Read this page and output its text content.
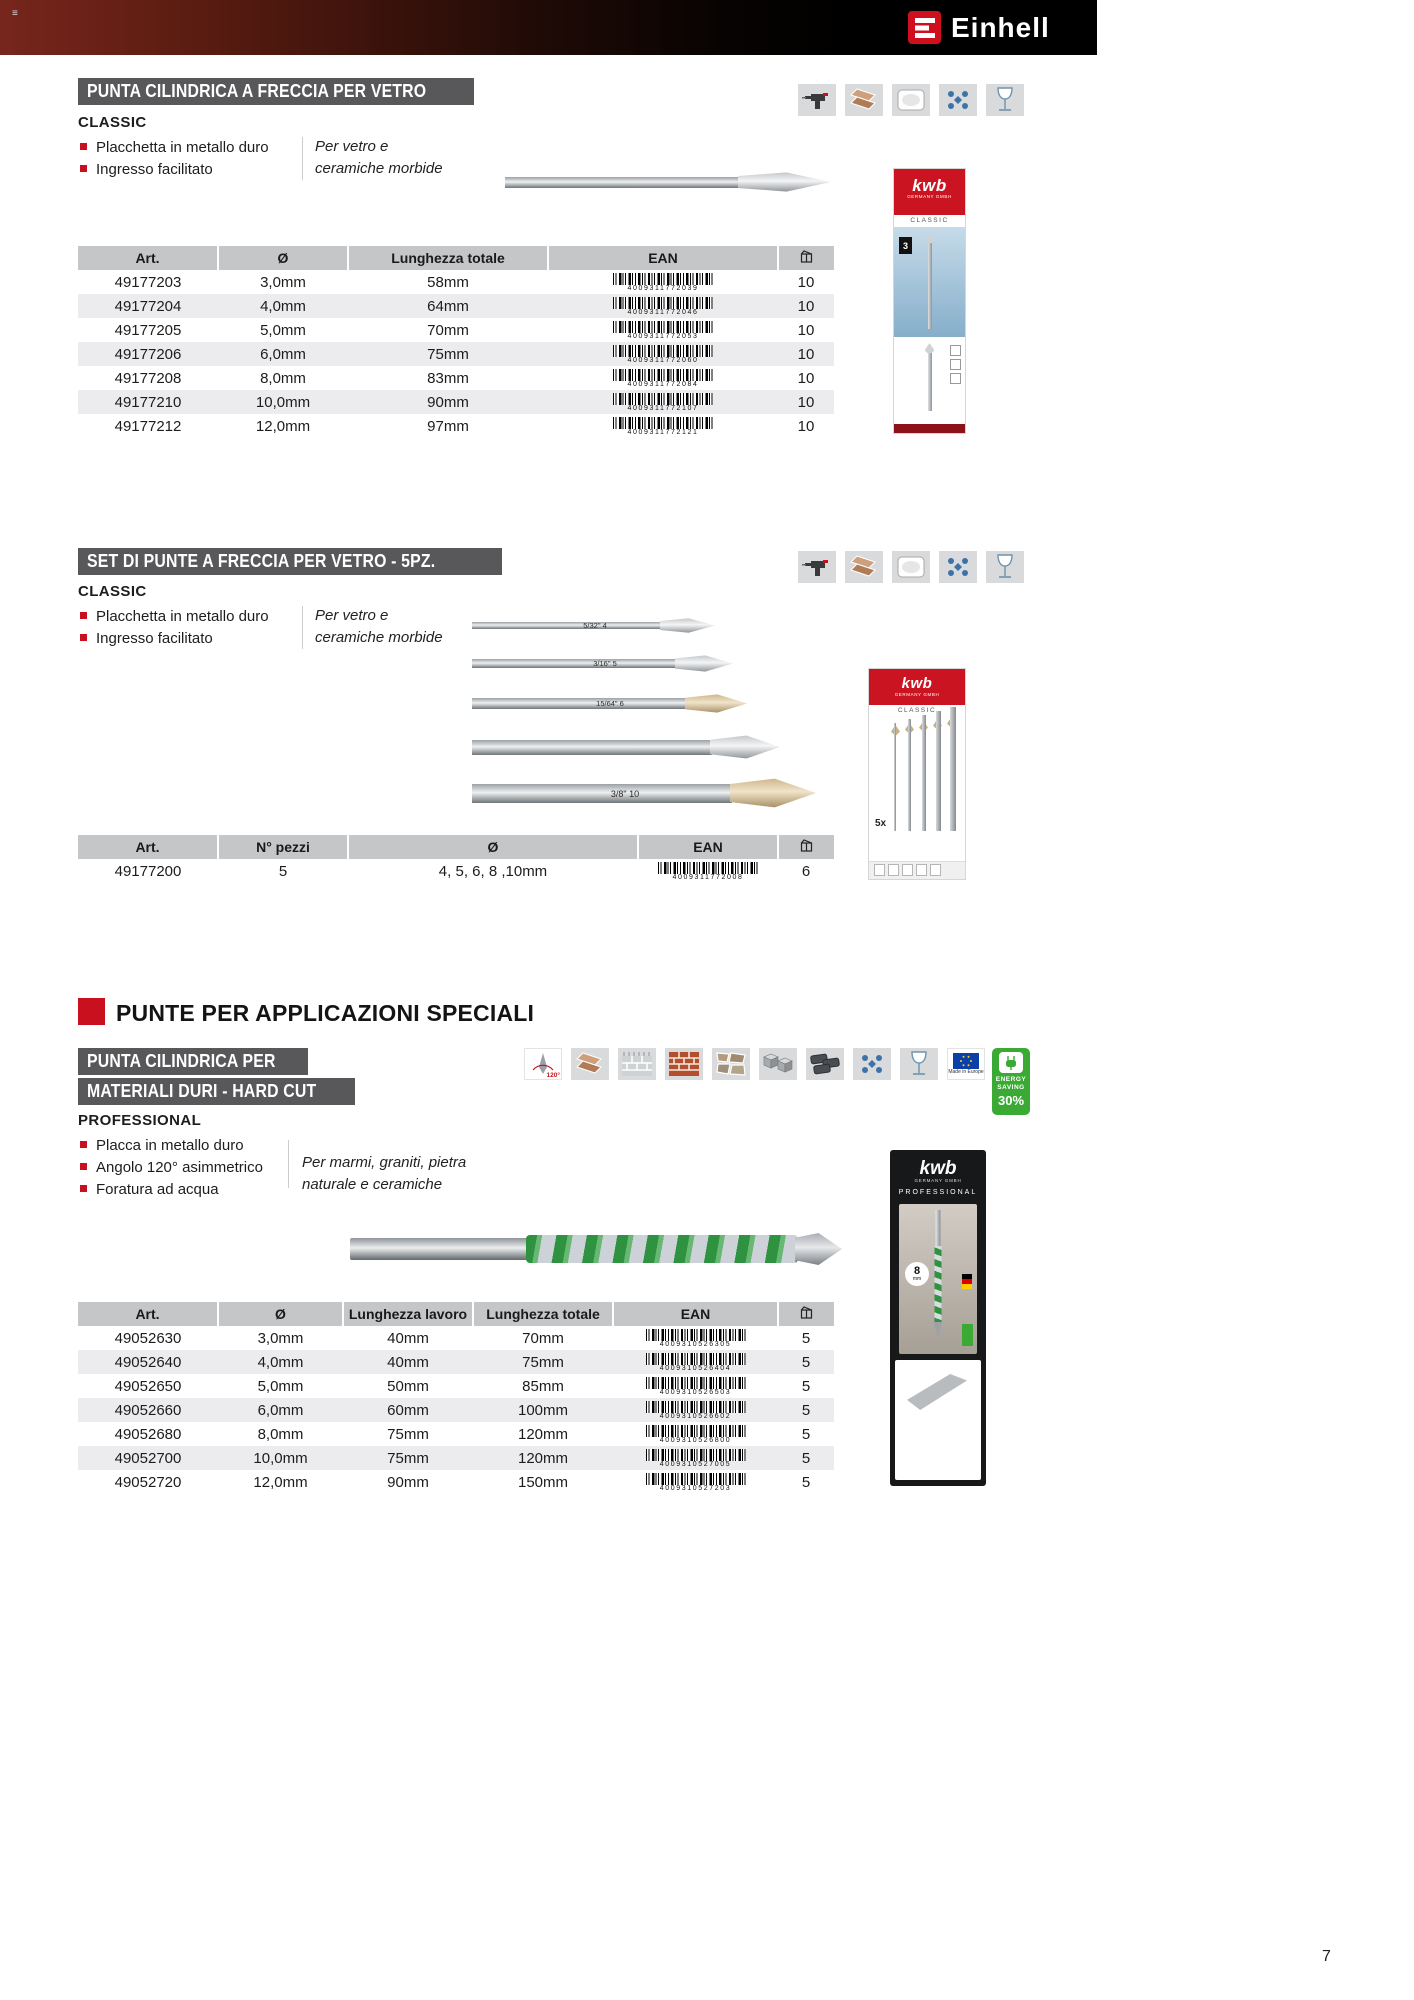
≡	Einhell
PUNTA CILINDRICA A FRECCIA PER VETRO
CLASSIC
Placchetta in metallo duro
Ingresso facilitato
Per vetro e
ceramiche morbide
kwb
GERMANY GMBH
CLASSIC
3
Art.	Ø	Lunghezza totale	EAN	
49177203	3,0mm	58mm	4009311772039	10
49177204	4,0mm	64mm	4009311772046	10
49177205	5,0mm	70mm	4009311772053	10
49177206	6,0mm	75mm	4009311772060	10
49177208	8,0mm	83mm	4009311772084	10
49177210	10,0mm	90mm	4009311772107	10
49177212	12,0mm	97mm	4009311772121	10
SET DI PUNTE A FRECCIA PER VETRO - 5PZ.
CLASSIC
Placchetta in metallo duro
Ingresso facilitato
Per vetro e
ceramiche morbide
5/32" 4
3/16" 5
15/64" 6
3/8" 10
kwb
GERMANY GMBH
CLASSIC
5x
Art.	N° pezzi	Ø	EAN	
49177200	5	4, 5, 6, 8 ,10mm	4009311772008	6
PUNTE PER APPLICAZIONI SPECIALI
PUNTA CILINDRICA PER
MATERIALI DURI - HARD CUT
120°	Made in Europe
ENERGY
SAVING
30%
PROFESSIONAL
Placca in metallo duro
Angolo 120° asimmetrico
Foratura ad acqua
Per marmi, graniti, pietra
naturale e ceramiche
kwb
GERMANY GMBH
PROFESSIONAL
8
mm
Art.	Ø	Lunghezza lavoro	Lunghezza totale	EAN	
49052630	3,0mm	40mm	70mm	4009310526305	5
49052640	4,0mm	40mm	75mm	4009310526404	5
49052650	5,0mm	50mm	85mm	4009310526503	5
49052660	6,0mm	60mm	100mm	4009310526602	5
49052680	8,0mm	75mm	120mm	4009310526800	5
49052700	10,0mm	75mm	120mm	4009310527005	5
49052720	12,0mm	90mm	150mm	4009310527203	5
7
